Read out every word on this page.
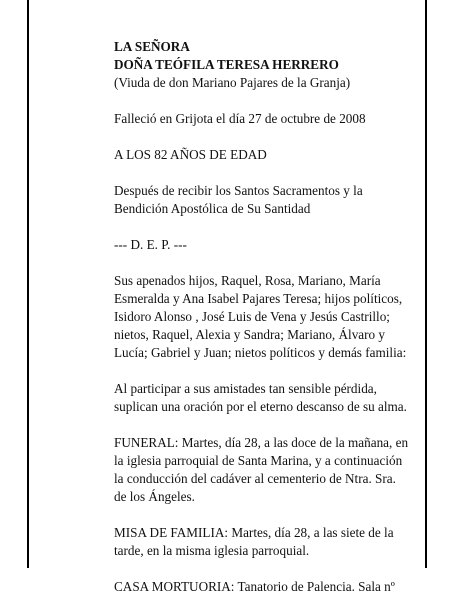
LA SEÑORA
DOÑA TEÓFILA TERESA HERRERO
(Viuda de don Mariano Pajares de la Granja)

Falleció en Grijota el día 27 de octubre de 2008

A LOS 82 AÑOS DE EDAD

Después de recibir los Santos Sacramentos y la
Bendición Apostólica de Su Santidad

--- D. E. P. ---

Sus apenados hijos, Raquel, Rosa, Mariano, María
Esmeralda y Ana Isabel Pajares Teresa; hijos políticos,
Isidoro Alonso , José Luis de Vena y Jesús Castrillo;
nietos, Raquel, Alexia y Sandra; Mariano, Álvaro y
Lucía; Gabriel y Juan; nietos políticos y demás familia:

Al participar a sus amistades tan sensible pérdida,
suplican una oración por el eterno descanso de su alma.

FUNERAL: Martes, día 28, a las doce de la mañana, en
la iglesia parroquial de Santa Marina, y a continuación
la conducción del cadáver al cementerio de Ntra. Sra.
de los Ángeles.

MISA DE FAMILIA: Martes, día 28, a las siete de la
tarde, en la misma iglesia parroquial.

CASA MORTUORIA: Tanatorio de Palencia. Sala nº
